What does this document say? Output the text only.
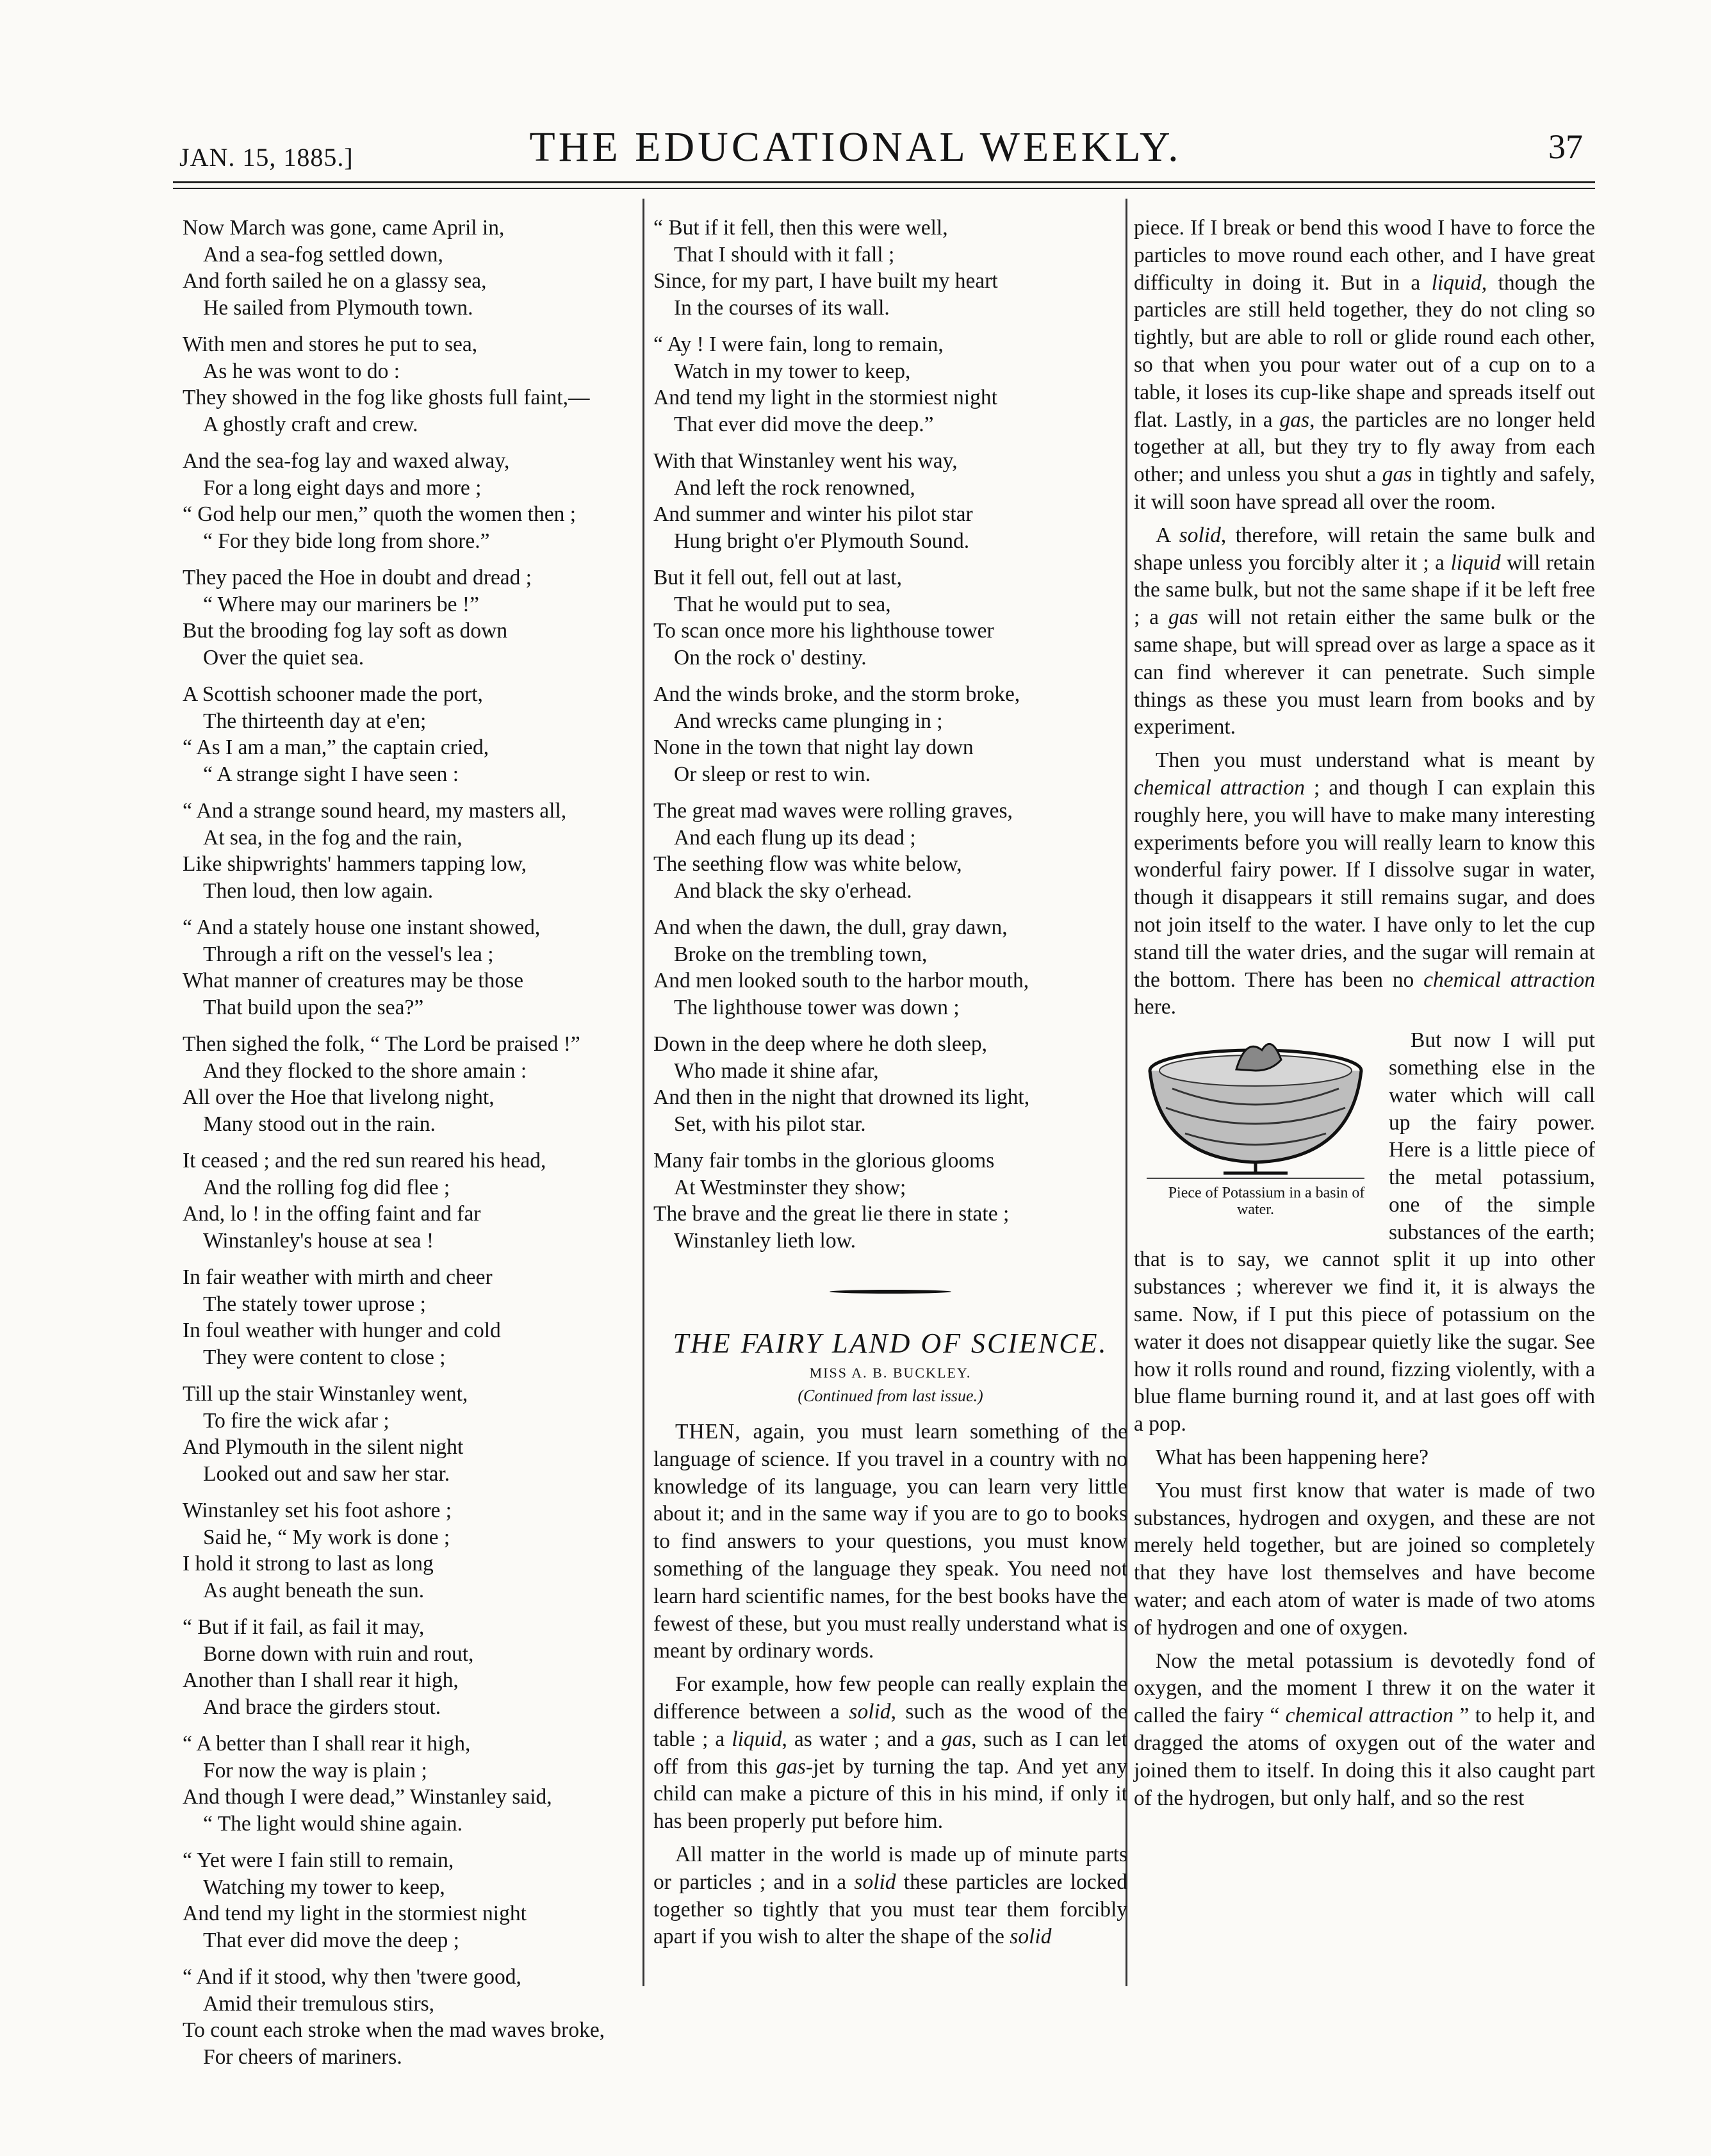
JAN. 15, 1885.]	THE EDUCATIONAL WEEKLY.	37
Now March was gone, came April in,
And a sea-fog settled down,
And forth sailed he on a glassy sea,
He sailed from Plymouth town.
With men and stores he put to sea,
As he was wont to do :
They showed in the fog like ghosts full faint,—
A ghostly craft and crew.
And the sea-fog lay and waxed alway,
For a long eight days and more ;
“ God help our men,” quoth the women then ;
“ For they bide long from shore.”
They paced the Hoe in doubt and dread ;
“ Where may our mariners be !”
But the brooding fog lay soft as down
Over the quiet sea.
A Scottish schooner made the port,
The thirteenth day at e'en;
“ As I am a man,” the captain cried,
“ A strange sight I have seen :
“ And a strange sound heard, my masters all,
At sea, in the fog and the rain,
Like shipwrights' hammers tapping low,
Then loud, then low again.
“ And a stately house one instant showed,
Through a rift on the vessel's lea ;
What manner of creatures may be those
That build upon the sea?”
Then sighed the folk, “ The Lord be praised !”
And they flocked to the shore amain :
All over the Hoe that livelong night,
Many stood out in the rain.
It ceased ; and the red sun reared his head,
And the rolling fog did flee ;
And, lo ! in the offing faint and far
Winstanley's house at sea !
In fair weather with mirth and cheer
The stately tower uprose ;
In foul weather with hunger and cold
They were content to close ;
Till up the stair Winstanley went,
To fire the wick afar ;
And Plymouth in the silent night
Looked out and saw her star.
Winstanley set his foot ashore ;
Said he, “ My work is done ;
I hold it strong to last as long
As aught beneath the sun.
“ But if it fail, as fail it may,
Borne down with ruin and rout,
Another than I shall rear it high,
And brace the girders stout.
“ A better than I shall rear it high,
For now the way is plain ;
And though I were dead,” Winstanley said,
“ The light would shine again.
“ Yet were I fain still to remain,
Watching my tower to keep,
And tend my light in the stormiest night
That ever did move the deep ;
“ And if it stood, why then 'twere good,
Amid their tremulous stirs,
To count each stroke when the mad waves broke,
For cheers of mariners.
“ But if it fell, then this were well,
That I should with it fall ;
Since, for my part, I have built my heart
In the courses of its wall.
“ Ay ! I were fain, long to remain,
Watch in my tower to keep,
And tend my light in the stormiest night
That ever did move the deep.”
With that Winstanley went his way,
And left the rock renowned,
And summer and winter his pilot star
Hung bright o'er Plymouth Sound.
But it fell out, fell out at last,
That he would put to sea,
To scan once more his lighthouse tower
On the rock o' destiny.
And the winds broke, and the storm broke,
And wrecks came plunging in ;
None in the town that night lay down
Or sleep or rest to win.
The great mad waves were rolling graves,
And each flung up its dead ;
The seething flow was white below,
And black the sky o'erhead.
And when the dawn, the dull, gray dawn,
Broke on the trembling town,
And men looked south to the harbor mouth,
The lighthouse tower was down ;
Down in the deep where he doth sleep,
Who made it shine afar,
And then in the night that drowned its light,
Set, with his pilot star.
Many fair tombs in the glorious glooms
At Westminster they show;
The brave and the great lie there in state ;
Winstanley lieth low.
THE FAIRY LAND OF SCIENCE.
MISS A. B. BUCKLEY.
(Continued from last issue.)
THEN, again, you must learn something of the language of science. If you travel in a country with no knowledge of its language, you can learn very little about it; and in the same way if you are to go to books to find answers to your questions, you must know something of the language they speak. You need not learn hard scientific names, for the best books have the fewest of these, but you must really understand what is meant by ordinary words.
For example, how few people can really explain the difference between a solid, such as the wood of the table ; a liquid, as water ; and a gas, such as I can let off from this gas-jet by turning the tap. And yet any child can make a picture of this in his mind, if only it has been properly put before him.
All matter in the world is made up of minute parts or particles ; and in a solid these particles are locked together so tightly that you must tear them forcibly apart if you wish to alter the shape of the solid
piece. If I break or bend this wood I have to force the particles to move round each other, and I have great difficulty in doing it. But in a liquid, though the particles are still held together, they do not cling so tightly, but are able to roll or glide round each other, so that when you pour water out of a cup on to a table, it loses its cup-like shape and spreads itself out flat. Lastly, in a gas, the particles are no longer held together at all, but they try to fly away from each other; and unless you shut a gas in tightly and safely, it will soon have spread all over the room.
A solid, therefore, will retain the same bulk and shape unless you forcibly alter it ; a liquid will retain the same bulk, but not the same shape if it be left free ; a gas will not retain either the same bulk or the same shape, but will spread over as large a space as it can find wherever it can penetrate. Such simple things as these you must learn from books and by experiment.
Then you must understand what is meant by chemical attraction ; and though I can explain this roughly here, you will have to make many interesting experiments before you will really learn to know this wonderful fairy power. If I dissolve sugar in water, though it disappears it still remains sugar, and does not join itself to the water. I have only to let the cup stand till the water dries, and the sugar will remain at the bottom. There has been no chemical attraction here.
Piece of Potassium in a basin of water.
But now I will put something else in the water which will call up the fairy power. Here is a little piece of the metal potassium, one of the simple substances of the earth; that is to say, we cannot split it up into other substances ; wherever we find it, it is always the same. Now, if I put this piece of potassium on the water it does not disappear quietly like the sugar. See how it rolls round and round, fizzing violently, with a blue flame burning round it, and at last goes off with a pop.
What has been happening here?
You must first know that water is made of two substances, hydrogen and oxygen, and these are not merely held together, but are joined so completely that they have lost themselves and have become water; and each atom of water is made of two atoms of hydrogen and one of oxygen.
Now the metal potassium is devotedly fond of oxygen, and the moment I threw it on the water it called the fairy “ chemical attraction ” to help it, and dragged the atoms of oxygen out of the water and joined them to itself. In doing this it also caught part of the hydrogen, but only half, and so the rest
